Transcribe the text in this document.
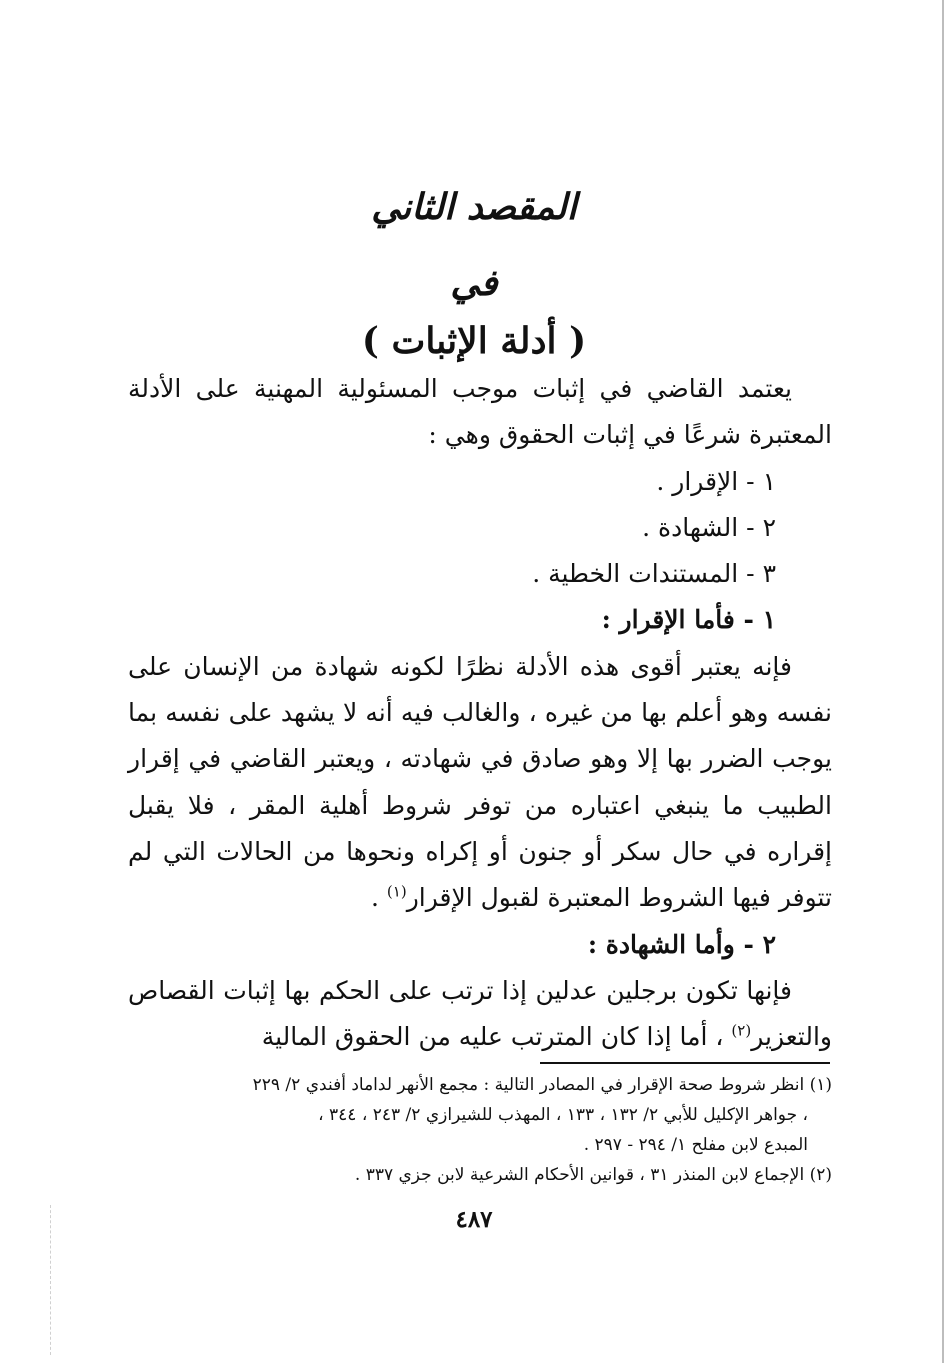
المقصد الثاني
في
( أدلة الإثبات )

يعتمد القاضي في إثبات موجب المسئولية المهنية على الأدلة المعتبرة شرعًا في إثبات الحقوق وهي :

١ - الإقرار .

٢ - الشهادة .

٣ - المستندات الخطية .

١ - فأما الإقرار :

فإنه يعتبر أقوى هذه الأدلة نظرًا لكونه شهادة من الإنسان على نفسه وهو أعلم بها من غيره ، والغالب فيه أنه لا يشهد على نفسه بما يوجب الضرر بها إلا وهو صادق في شهادته ، ويعتبر القاضي في إقرار الطبيب ما ينبغي اعتباره من توفر شروط أهلية المقر ، فلا يقبل إقراره في حال سكر أو جنون أو إكراه ونحوها من الحالات التي لم تتوفر فيها الشروط المعتبرة لقبول الإقرار$^{(١)}$ .

٢ - وأما الشهادة :

فإنها تكون برجلين عدلين إذا ترتب على الحكم بها إثبات القصاص والتعزير$^{(٢)}$ ، أما إذا كان المترتب عليه من الحقوق المالية

(١) انظر شروط صحة الإقرار في المصادر التالية : مجمع الأنهر لداماد أفندي ٢/ ٢٢٩

، جواهر الإكليل للأبي ٢/ ١٣٢ ، ١٣٣ ، المهذب للشيرازي ٢/ ٢٤٣ ، ٣٤٤ ،

المبدع لابن مفلح ١/ ٢٩٤ - ٢٩٧ .

(٢) الإجماع لابن المنذر ٣١ ، قوانين الأحكام الشرعية لابن جزي ٣٣٧ .

٤٨٧
